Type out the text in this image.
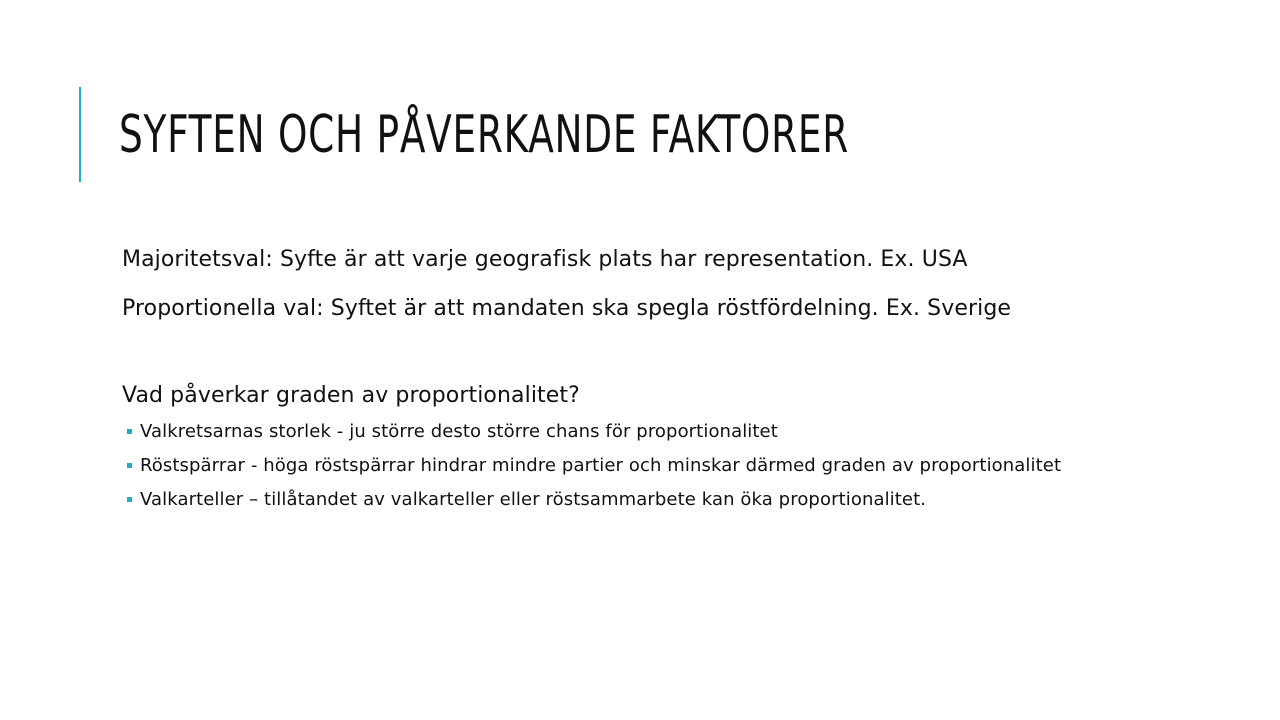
SYFTEN OCH PÅVERKANDE FAKTORER

Majoritetsval: Syfte är att varje geografisk plats har representation. Ex. USA

Proportionella val: Syftet är att mandaten ska spegla röstfördelning. Ex. Sverige

Vad påverkar graden av proportionalitet?

Valkretsarnas storlek - ju större desto större chans för proportionalitet
Röstspärrar - höga röstspärrar hindrar mindre partier och minskar därmed graden av proportionalitet
Valkarteller – tillåtandet av valkarteller eller röstsammarbete kan öka proportionalitet.
